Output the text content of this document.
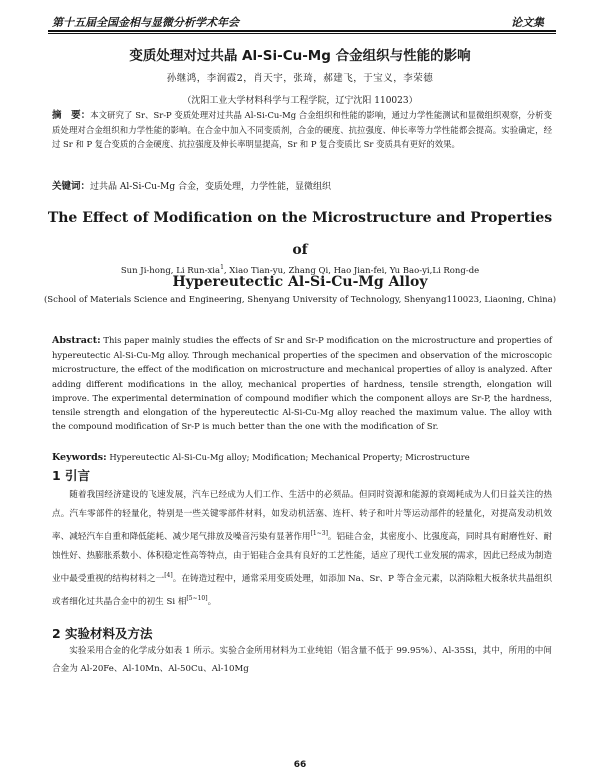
第十五届全国金相与显微分析学术年会	论文集
变质处理对过共晶 Al-Si-Cu-Mg 合金组织与性能的影响
孙继鸿，李润霞2，肖天宇，张琦，郝建飞，于宝义，李荣德
（沈阳工业大学材料科学与工程学院，辽宁沈阳 110023）
摘　要：本文研究了 Sr、Sr-P 变质处理对过共晶 Al-Si-Cu-Mg 合金组织和性能的影响，通过力学性能测试和显微组织观察，分析变质处理对合金组织和力学性能的影响。在合金中加入不同变质剂，合金的硬度、抗拉强度、伸长率等力学性能都会提高。实验确定，经过 Sr 和 P 复合变质的合金硬度、抗拉强度及伸长率明显提高，Sr 和 P 复合变质比 Sr 变质具有更好的效果。
关键词：过共晶 Al-Si-Cu-Mg 合金，变质处理，力学性能，显微组织
The Effect of Modification on the Microstructure and Properties of
Hypereutectic Al-Si-Cu-Mg Alloy
Sun Ji-hong, Li Run-xia$^1$, Xiao Tian-yu, Zhang Qi, Hao Jian-fei, Yu Bao-yi,Li Rong-de
(School of Materials Science and Engineering, Shenyang University of Technology, Shenyang110023, Liaoning, China)
Abstract: This paper mainly studies the effects of Sr and Sr-P modification on the microstructure and properties of hypereutectic Al-Si-Cu-Mg alloy. Through mechanical properties of the specimen and observation of the microscopic microstructure, the effect of the modification on microstructure and mechanical properties of alloy is analyzed. After adding different modifications in the alloy, mechanical properties of hardness, tensile strength, elongation will improve. The experimental determination of compound modifier which the component alloys are Sr-P, the hardness, tensile strength and elongation of the hypereutectic Al-Si-Cu-Mg alloy reached the maximum value. The alloy with the compound modification of Sr-P is much better than the one with the modification of Sr.
Keywords: Hypereutectic Al-Si-Cu-Mg alloy; Modification; Mechanical Property; Microstructure
1 引言
随着我国经济建设的飞速发展，汽车已经成为人们工作、生活中的必须品。但同时资源和能源的衰竭耗成为人们日益关注的热点。汽车零部件的轻量化，特别是一些关键零部件材料，如发动机活塞、连杆、转子和叶片等运动部件的轻量化，对提高发动机效率、减轻汽车自重和降低能耗、减少尾气排放及噪音污染有显著作用[1~3]。铝硅合金，其密度小、比强度高，同时具有耐磨性好、耐蚀性好、热膨胀系数小、体积稳定性高等特点，由于铝硅合金具有良好的工艺性能，适应了现代工业发展的需求，因此已经成为制造业中最受重视的结构材料之一[4]。在铸造过程中，通常采用变质处理，如添加 Na、Sr、P 等合金元素，以消除粗大板条状共晶组织或者细化过共晶合金中的初生 Si 相[5~10]。
2 实验材料及方法
实验采用合金的化学成分如表 1 所示。实验合金所用材料为工业纯铝（铝含量不低于 99.95%）、Al-35Si，其中，所用的中间合金为 Al-20Fe、Al-10Mn、Al-50Cu、Al-10Mg
66
